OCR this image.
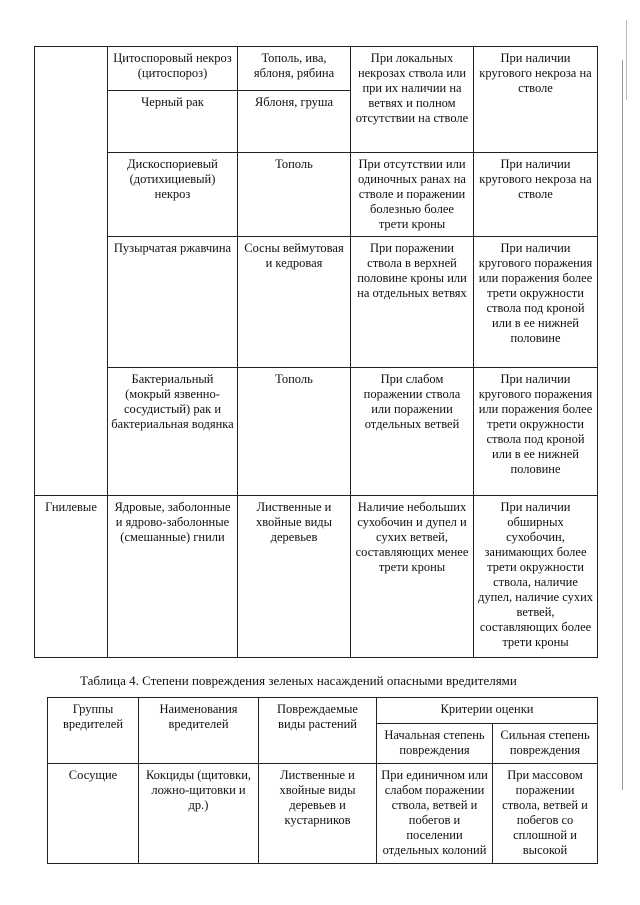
	Цитоспоровый некроз (цитоспороз)	Тополь, ива, яблоня, рябина	При локальных некрозах ствола или при их наличии на ветвях и полном отсутствии на стволе	При наличии кругового некроза на стволе
	Черный рак	Яблоня, груша		
	Дискоспориевый (дотихициевый) некроз	Тополь	При отсутствии или одиночных ранах на стволе и поражении болезнью более трети кроны	При наличии кругового некроза на стволе
	Пузырчатая ржавчина	Сосны веймутовая и кедровая	При поражении ствола в верхней половине кроны или на отдельных ветвях	При наличии кругового поражения или поражения более трети окружности ствола под кроной или в ее нижней половине
	Бактериальный (мокрый язвенно-сосудистый) рак и бактериальная водянка	Тополь	При слабом поражении ствола или поражении отдельных ветвей	При наличии кругового поражения или поражения более трети окружности ствола под кроной или в ее нижней половине
Гнилевые	Ядровые, заболонные и ядрово-заболонные (смешанные) гнили	Лиственные и хвойные виды деревьев	Наличие небольших сухобочин и дупел и сухих ветвей, составляющих менее трети кроны	При наличии обширных сухобочин, занимающих более трети окружности ствола, наличие дупел, наличие сухих ветвей, составляющих более трети кроны
Таблица 4. Степени повреждения зеленых насаждений опасными вредителями
Группы вредителей	Наименования вредителей	Повреждаемые виды растений	Критерии оценки	
			Начальная степень повреждения	Сильная степень повреждения
Сосущие	Кокциды (щитовки, ложно-щитовки и др.)	Лиственные и хвойные виды деревьев и кустарников	При единичном или слабом поражении ствола, ветвей и побегов и поселении отдельных колоний	При массовом поражении ствола, ветвей и побегов со сплошной и высокой
